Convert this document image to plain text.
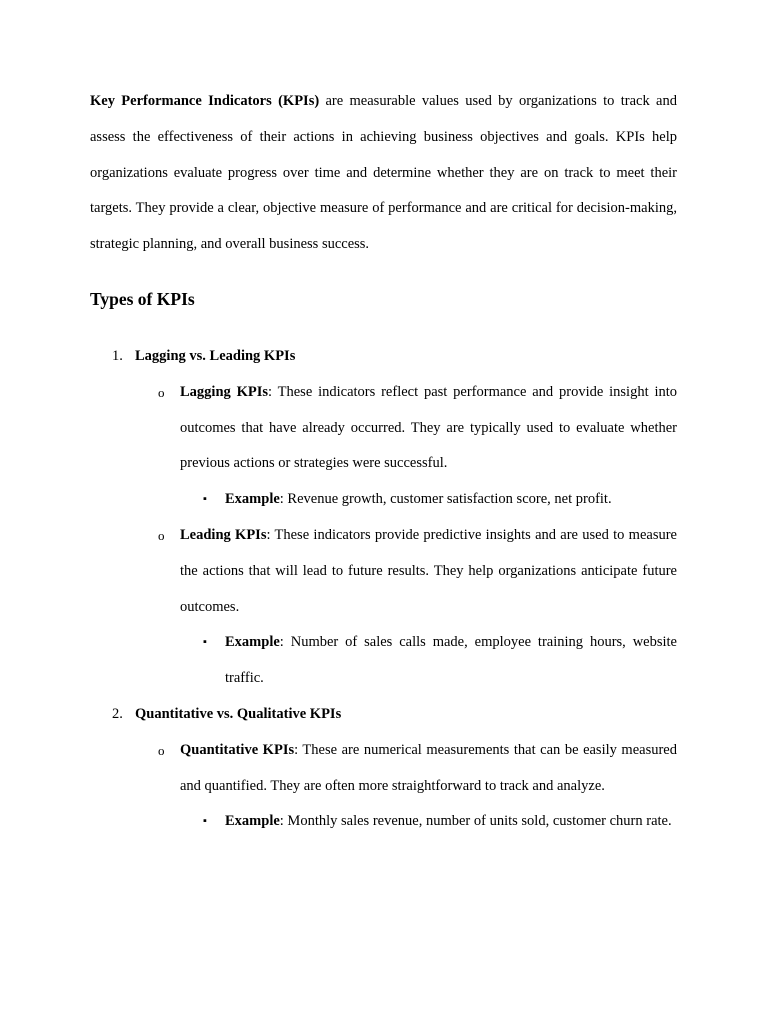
Key Performance Indicators (KPIs) are measurable values used by organizations to track and assess the effectiveness of their actions in achieving business objectives and goals. KPIs help organizations evaluate progress over time and determine whether they are on track to meet their targets. They provide a clear, objective measure of performance and are critical for decision-making, strategic planning, and overall business success.

Types of KPIs
1. Lagging vs. Leading KPIs
o Lagging KPIs: These indicators reflect past performance and provide insight into outcomes that have already occurred. They are typically used to evaluate whether previous actions or strategies were successful.
▪ Example: Revenue growth, customer satisfaction score, net profit.
o Leading KPIs: These indicators provide predictive insights and are used to measure the actions that will lead to future results. They help organizations anticipate future outcomes.
▪ Example: Number of sales calls made, employee training hours, website traffic.
2. Quantitative vs. Qualitative KPIs
o Quantitative KPIs: These are numerical measurements that can be easily measured and quantified. They are often more straightforward to track and analyze.
▪ Example: Monthly sales revenue, number of units sold, customer churn rate.
